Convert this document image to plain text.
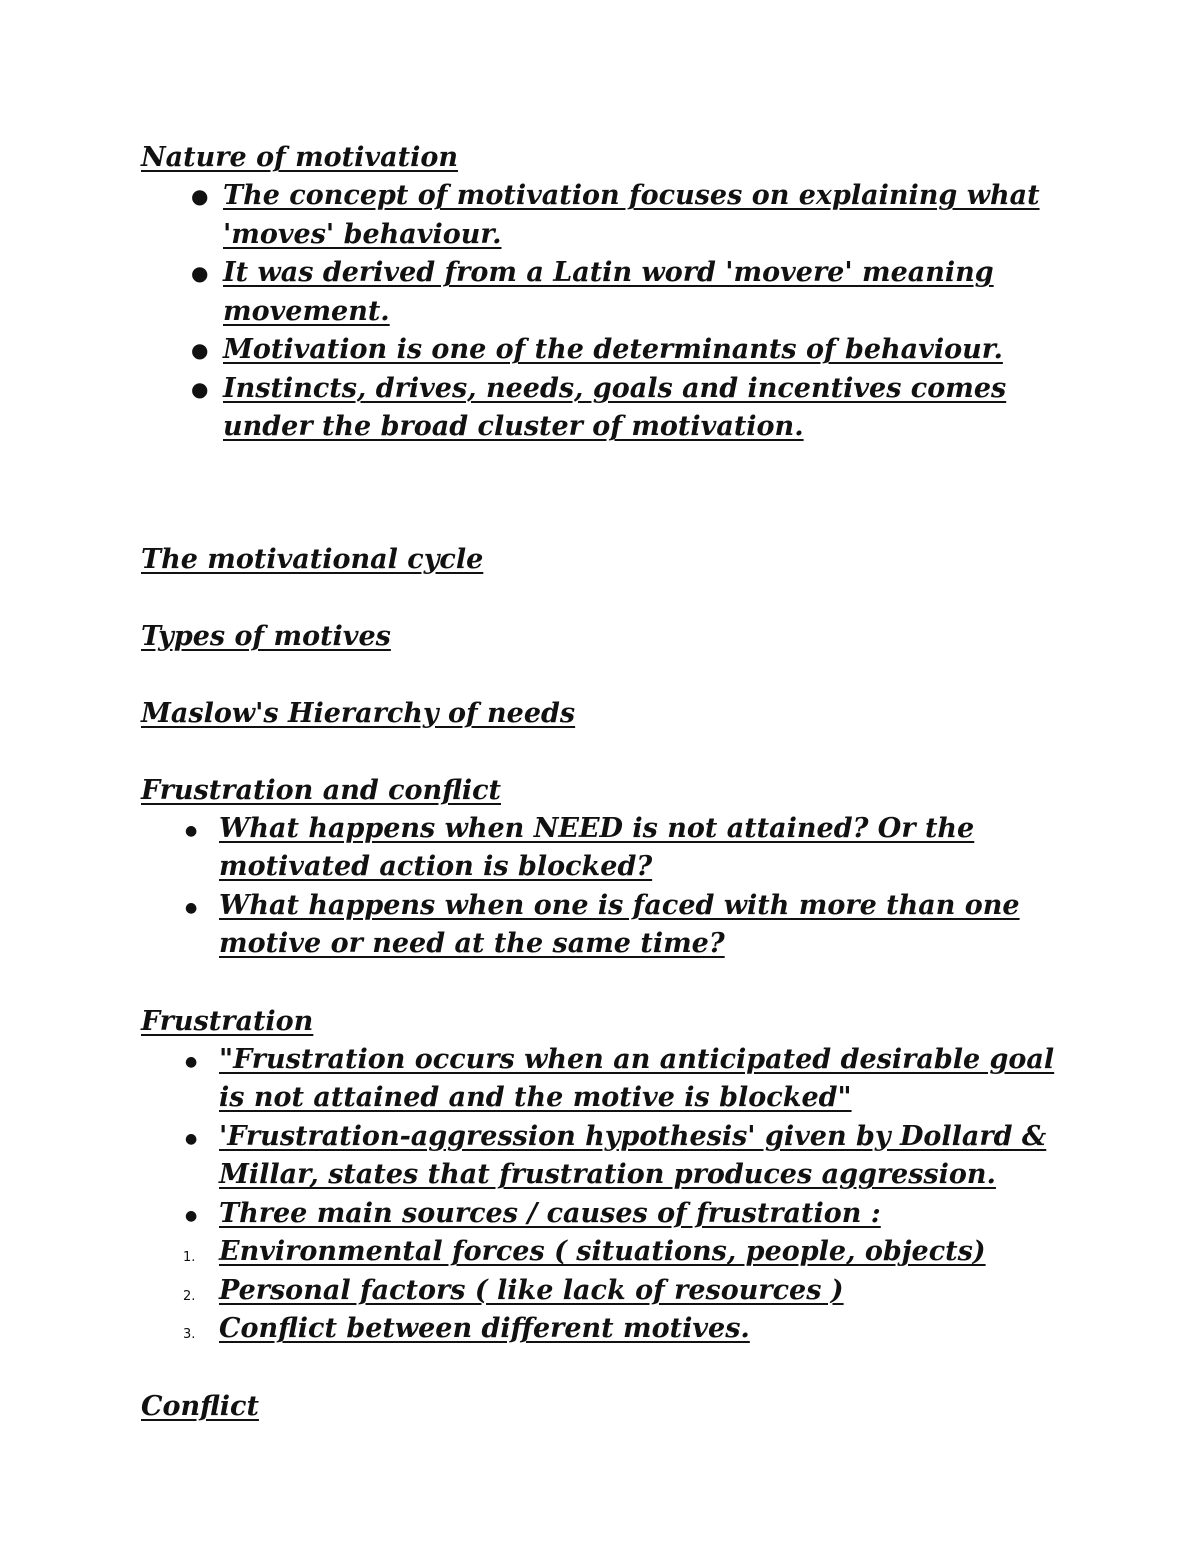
Nature of motivation
● The concept of motivation focuses on explaining what 'moves' behaviour.
● It was derived from a Latin word 'movere' meaning movement.
● Motivation is one of the determinants of behaviour.
● Instincts, drives, needs, goals and incentives comes under the broad cluster of motivation.
The motivational cycle
Types of motives
Maslow's Hierarchy of needs
Frustration and conflict
● What happens when NEED is not attained? Or the motivated action is blocked?
● What happens when one is faced with more than one motive or need at the same time?
Frustration
● "Frustration occurs when an anticipated desirable goal is not attained and the motive is blocked"
● 'Frustration-aggression hypothesis' given by Dollard & Millar, states that frustration produces aggression.
● Three main sources / causes of frustration :
1. Environmental forces ( situations, people, objects)
2. Personal factors ( like lack of resources )
3. Conflict between different motives.
Conflict
